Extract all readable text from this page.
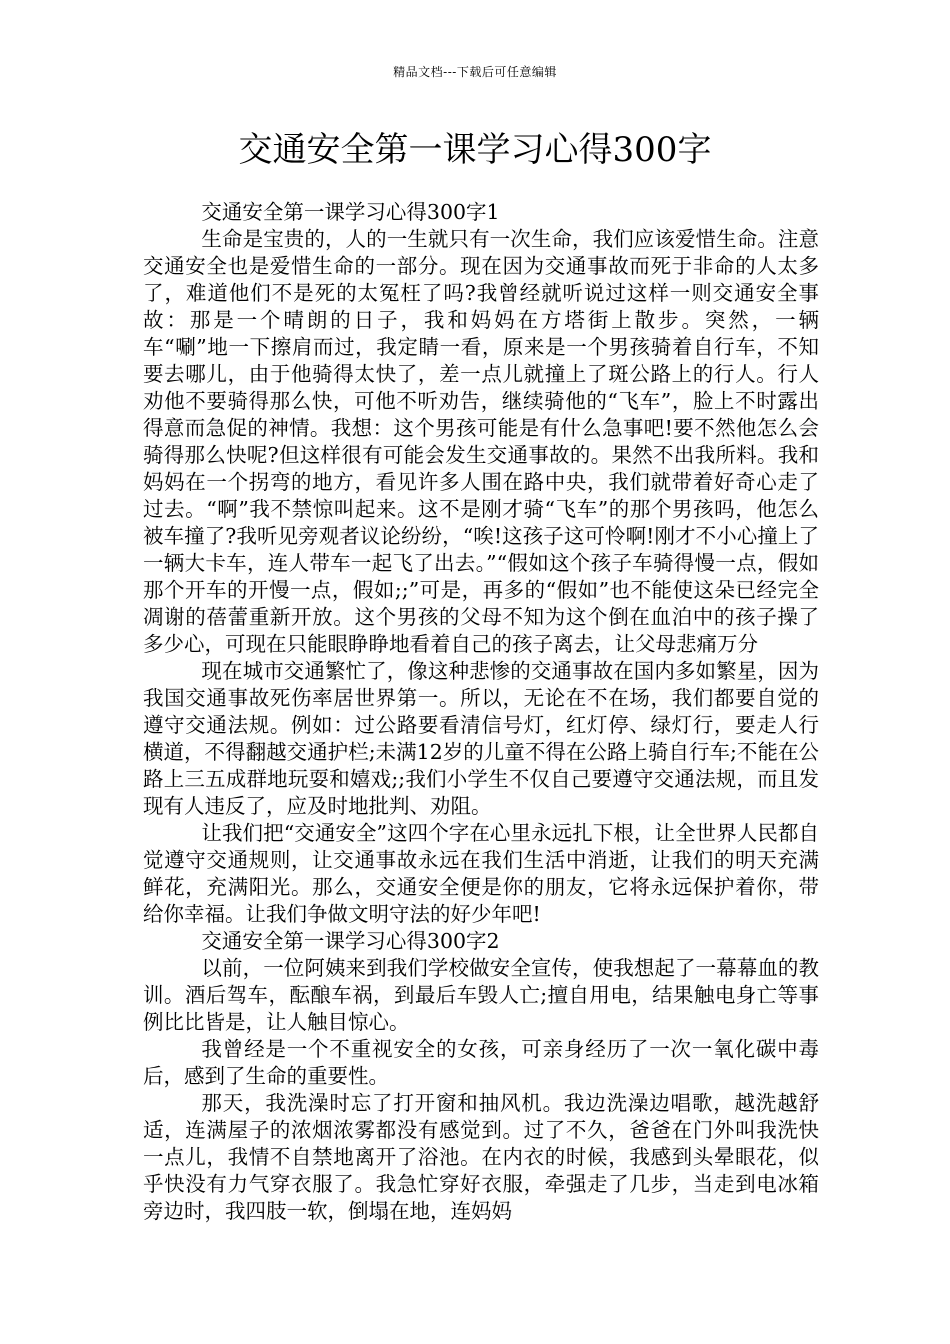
精品文档---下载后可任意编辑
交通安全第一课学习心得300字

交通安全第一课学习心得300字1

生命是宝贵的，人的一生就只有一次生命，我们应该爱惜生命。注意交通安全也是爱惜生命的一部分。现在因为交通事故而死于非命的人太多了，难道他们不是死的太冤枉了吗?我曾经就听说过这样一则交通安全事故：那是一个晴朗的日子，我和妈妈在方塔街上散步。突然，一辆车“唰”地一下擦肩而过，我定睛一看，原来是一个男孩骑着自行车，不知要去哪儿，由于他骑得太快了，差一点儿就撞上了斑公路上的行人。行人劝他不要骑得那么快，可他不听劝告，继续骑他的“飞车”，脸上不时露出得意而急促的神情。我想：这个男孩可能是有什么急事吧!要不然他怎么会骑得那么快呢?但这样很有可能会发生交通事故的。果然不出我所料。我和妈妈在一个拐弯的地方，看见许多人围在路中央，我们就带着好奇心走了过去。“啊”我不禁惊叫起来。这不是刚才骑“飞车”的那个男孩吗，他怎么被车撞了?我听见旁观者议论纷纷，“唉!这孩子这可怜啊!刚才不小心撞上了一辆大卡车，连人带车一起飞了出去。”“假如这个孩子车骑得慢一点，假如那个开车的开慢一点，假如;;”可是，再多的“假如”也不能使这朵已经完全凋谢的蓓蕾重新开放。这个男孩的父母不知为这个倒在血泊中的孩子操了多少心，可现在只能眼睁睁地看着自己的孩子离去，让父母悲痛万分

现在城市交通繁忙了，像这种悲惨的交通事故在国内多如繁星，因为我国交通事故死伤率居世界第一。所以，无论在不在场，我们都要自觉的遵守交通法规。例如：过公路要看清信号灯，红灯停、绿灯行，要走人行横道，不得翻越交通护栏;未满12岁的儿童不得在公路上骑自行车;不能在公路上三五成群地玩耍和嬉戏;;我们小学生不仅自己要遵守交通法规，而且发现有人违反了，应及时地批判、劝阻。

让我们把“交通安全”这四个字在心里永远扎下根，让全世界人民都自觉遵守交通规则，让交通事故永远在我们生活中消逝，让我们的明天充满鲜花，充满阳光。那么，交通安全便是你的朋友，它将永远保护着你，带给你幸福。让我们争做文明守法的好少年吧!

交通安全第一课学习心得300字2

以前，一位阿姨来到我们学校做安全宣传，使我想起了一幕幕血的教训。酒后驾车，酝酿车祸，到最后车毁人亡;擅自用电，结果触电身亡等事例比比皆是，让人触目惊心。

我曾经是一个不重视安全的女孩，可亲身经历了一次一氧化碳中毒后，感到了生命的重要性。

那天，我洗澡时忘了打开窗和抽风机。我边洗澡边唱歌，越洗越舒适，连满屋子的浓烟浓雾都没有感觉到。过了不久，爸爸在门外叫我洗快一点儿，我情不自禁地离开了浴池。在内衣的时候，我感到头晕眼花，似乎快没有力气穿衣服了。我急忙穿好衣服，牵强走了几步，当走到电冰箱旁边时，我四肢一软，倒塌在地，连妈妈
